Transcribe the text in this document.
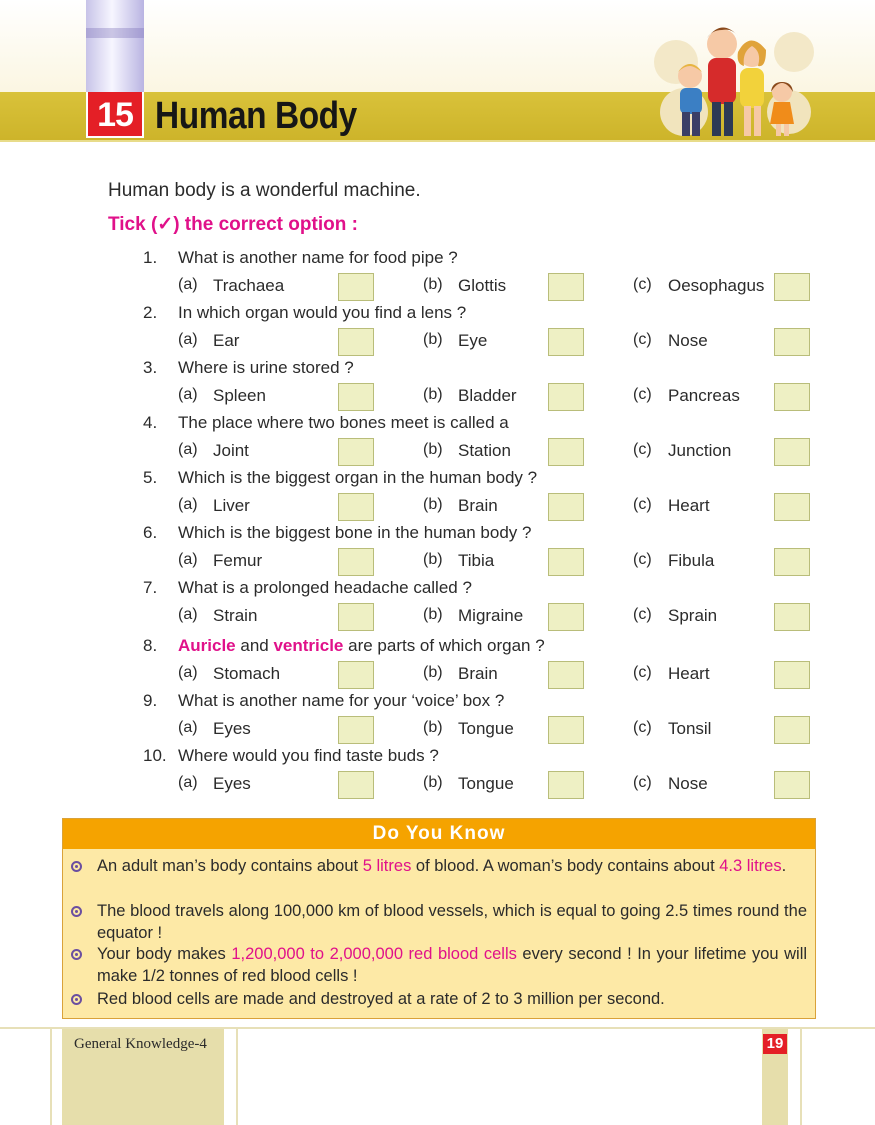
15 Human Body
Human body is a wonderful machine.
Tick (✓) the correct option :
1. What is another name for food pipe ?
(a) Trachaea	(b) Glottis	(c) Oesophagus
2. In which organ would you find a lens ?
(a) Ear	(b) Eye	(c) Nose
3. Where is urine stored ?
(a) Spleen	(b) Bladder	(c) Pancreas
4. The place where two bones meet is called a
(a) Joint	(b) Station	(c) Junction
5. Which is the biggest organ in the human body ?
(a) Liver	(b) Brain	(c) Heart
6. Which is the biggest bone in the human body ?
(a) Femur	(b) Tibia	(c) Fibula
7. What is a prolonged headache called ?
(a) Strain	(b) Migraine	(c) Sprain
8. Auricle and ventricle are parts of which organ ?
(a) Stomach	(b) Brain	(c) Heart
9. What is another name for your ‘voice’ box ?
(a) Eyes	(b) Tongue	(c) Tonsil
10. Where would you find taste buds ?
(a) Eyes	(b) Tongue	(c) Nose
Do You Know
An adult man’s body contains about 5 litres of blood. A woman’s body contains about 4.3 litres.
The blood travels along 100,000 km of blood vessels, which is equal to going 2.5 times round the equator !
Your body makes 1,200,000 to 2,000,000 red blood cells every second ! In your lifetime you will make 1/2 tonnes of red blood cells !
Red blood cells are made and destroyed at a rate of 2 to 3 million per second.
General Knowledge-4	19
